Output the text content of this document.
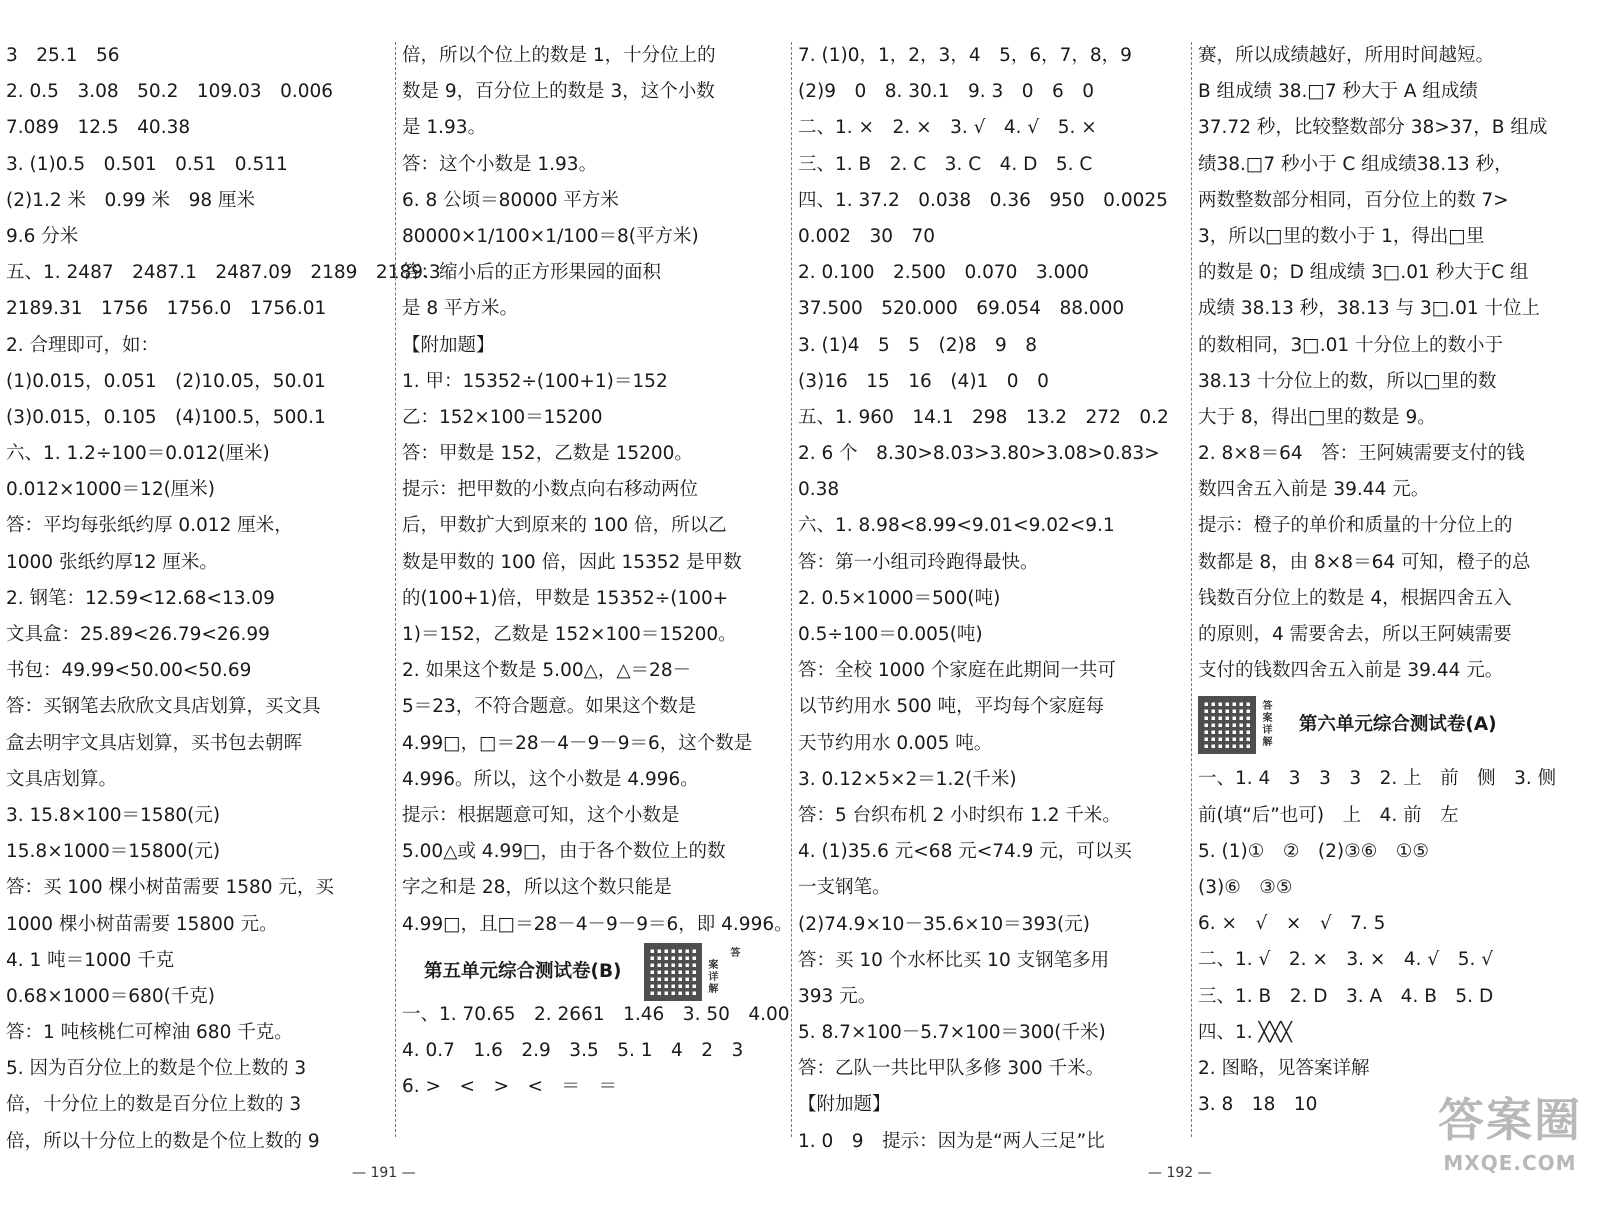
3　25.1　56
2. 0.5　3.08　50.2　109.03　0.006
7.089　12.5　40.38
3. (1)0.5　0.501　0.51　0.511
(2)1.2 米　0.99 米　98 厘米
9.6 分米
五、1. 2487　2487.1　2487.09　2189　2189.3
2189.31　1756　1756.0　1756.01
2. 合理即可，如：
(1)0.015，0.051　(2)10.05，50.01
(3)0.015，0.105　(4)100.5，500.1
六、1. 1.2÷100＝0.012(厘米)
0.012×1000＝12(厘米)
答：平均每张纸约厚 0.012 厘米，
1000 张纸约厚12 厘米。
2. 钢笔：12.59<12.68<13.09
文具盒：25.89<26.79<26.99
书包：49.99<50.00<50.69
答：买钢笔去欣欣文具店划算，买文具
盒去明宇文具店划算，买书包去朝晖
文具店划算。
3. 15.8×100＝1580(元)
15.8×1000＝15800(元)
答：买 100 棵小树苗需要 1580 元，买
1000 棵小树苗需要 15800 元。
4. 1 吨＝1000 千克
0.68×1000＝680(千克)
答：1 吨核桃仁可榨油 680 千克。
5. 因为百分位上的数是个位上数的 3
倍，十分位上的数是百分位上数的 3
倍，所以十分位上的数是个位上数的 9
倍，所以个位上的数是 1，十分位上的
数是 9，百分位上的数是 3，这个小数
是 1.93。
答：这个小数是 1.93。
6. 8 公顷＝80000 平方米
80000×1/100×1/100＝8(平方米)
答：缩小后的正方形果园的面积
是 8 平方米。
【附加题】
1. 甲：15352÷(100+1)＝152
乙：152×100＝15200
答：甲数是 152，乙数是 15200。
提示：把甲数的小数点向右移动两位
后，甲数扩大到原来的 100 倍，所以乙
数是甲数的 100 倍，因此 15352 是甲数
的(100+1)倍，甲数是 15352÷(100+
1)＝152，乙数是 152×100＝15200。
2. 如果这个数是 5.00△，△＝28－
5＝23，不符合题意。如果这个数是
4.99□，□＝28－4－9－9＝6，这个数是
4.996。所以，这个小数是 4.996。
提示：根据题意可知，这个小数是
5.00△或 4.99□，由于各个数位上的数
字之和是 28，所以这个数只能是
4.99□，且□＝28－4－9－9＝6，即 4.996。
第五单元综合测试卷(B)  答案详解
一、1. 70.65　2. 2661　1.46　3. 50　4.00
4. 0.7　1.6　2.9　3.5　5. 1　4　2　3
6. >　<　>　<　＝　＝
7. (1)0，1，2，3，4　5，6，7，8，9
(2)9　0　8. 30.1　9. 3　0　6　0
二、1. ×　2. ×　3. √　4. √　5. ×
三、1. B　2. C　3. C　4. D　5. C
四、1. 37.2　0.038　0.36　950　0.0025
0.002　30　70
2. 0.100　2.500　0.070　3.000
37.500　520.000　69.054　88.000
3. (1)4　5　5　(2)8　9　8
(3)16　15　16　(4)1　0　0
五、1. 960　14.1　298　13.2　272　0.2
2. 6 个　8.30>8.03>3.80>3.08>0.83>
0.38
六、1. 8.98<8.99<9.01<9.02<9.1
答：第一小组司玲跑得最快。
2. 0.5×1000＝500(吨)
0.5÷100＝0.005(吨)
答：全校 1000 个家庭在此期间一共可
以节约用水 500 吨，平均每个家庭每
天节约用水 0.005 吨。
3. 0.12×5×2＝1.2(千米)
答：5 台织布机 2 小时织布 1.2 千米。
4. (1)35.6 元<68 元<74.9 元，可以买
一支钢笔。
(2)74.9×10－35.6×10＝393(元)
答：买 10 个水杯比买 10 支钢笔多用
393 元。
5. 8.7×100－5.7×100＝300(千米)
答：乙队一共比甲队多修 300 千米。
【附加题】
1. 0　9　提示：因为是“两人三足”比
赛，所以成绩越好，所用时间越短。
B 组成绩 38.□7 秒大于 A 组成绩
37.72 秒，比较整数部分 38>37，B 组成
绩38.□7 秒小于 C 组成绩38.13 秒，
两数整数部分相同，百分位上的数 7>
3，所以□里的数小于 1，得出□里
的数是 0；D 组成绩 3□.01 秒大于C 组
成绩 38.13 秒，38.13 与 3□.01 十位上
的数相同，3□.01 十分位上的数小于
38.13 十分位上的数，所以□里的数
大于 8，得出□里的数是 9。
2. 8×8＝64　答：王阿姨需要支付的钱
数四舍五入前是 39.44 元。
提示：橙子的单价和质量的十分位上的
数都是 8，由 8×8＝64 可知，橙子的总
钱数百分位上的数是 4，根据四舍五入
的原则，4 需要舍去，所以王阿姨需要
支付的钱数四舍五入前是 39.44 元。
答案详解 第六单元综合测试卷(A)
一、1. 4　3　3　3　2. 上　前　侧　3. 侧
前(填“后”也可)　上　4. 前　左
5. (1)①　②　(2)③⑥　①⑤
(3)⑥　③⑤
6. ×　√　×　√　7. 5
二、1. √　2. ×　3. ×　4. √　5. √
三、1. B　2. D　3. A　4. B　5. D
四、1. ╳╳╳
2. 图略，见答案详解
3. 8　18　10
— 191 —	— 192 —
答案圈
MXQE.COM
